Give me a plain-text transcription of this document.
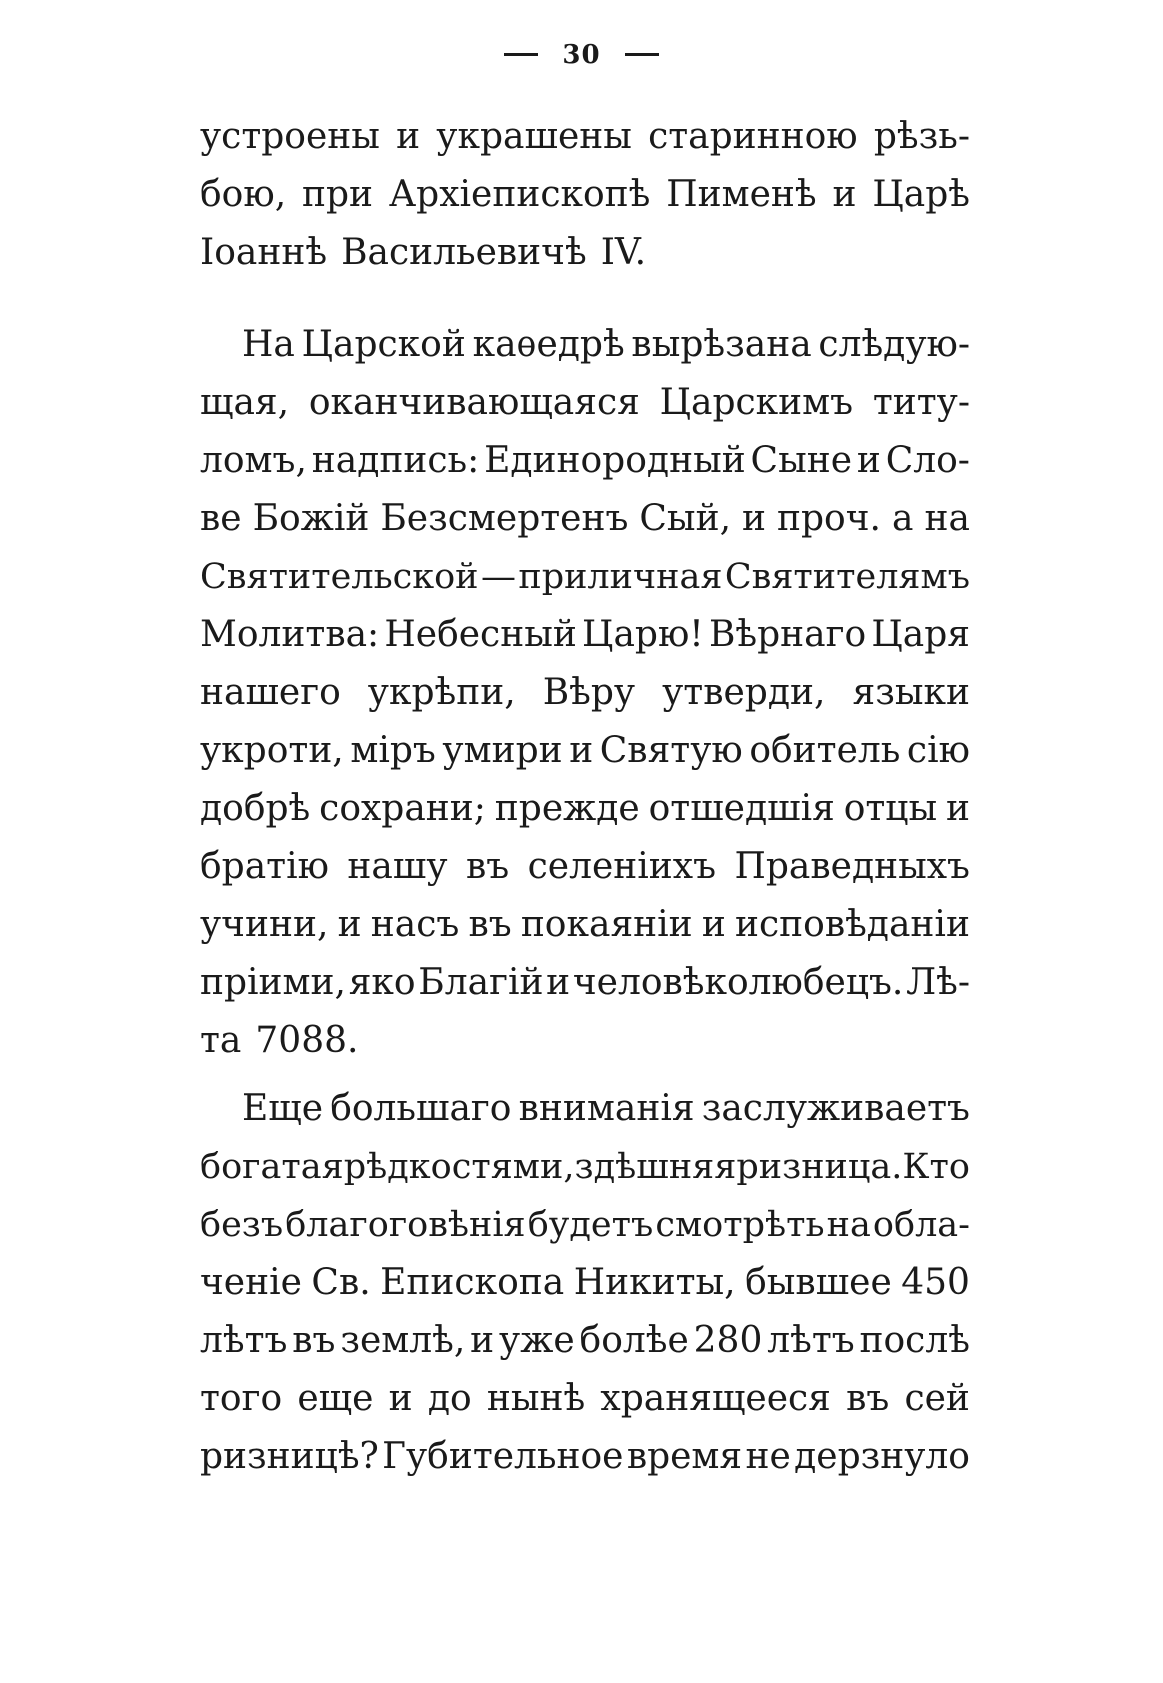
30
устроены и украшены старинною рѣзь-
бою, при Архіепископѣ Пименѣ и Царѣ
Іоаннѣ Васильевичѣ IV.
На Царской каѳедрѣ вырѣзана слѣдую-
щая, оканчивающаяся Царскимъ титу-
ломъ, надпись: Единородный Сыне и Сло-
ве Божій Безсмертенъ Сый, и проч. а на
Святительской — приличная Святителямъ
Молитва: Небесный Царю! Вѣрнаго Царя
нашего укрѣпи, Вѣру утверди, языки
укроти, міръ умири и Святую обитель сію
добрѣ сохрани; прежде отшедшія отцы и
братію нашу въ селеніихъ Праведныхъ
учини, и насъ въ покаяніи и исповѣданіи
пріими, яко Благій и человѣколюбецъ. Лѣ-
та 7088.
Еще большаго вниманія заслуживаетъ
богатая рѣдкостями, здѣшняя ризница. Кто
безъ благоговѣнія будетъ смотрѣть на обла-
ченіе Св. Епископа Никиты, бывшее 450
лѣтъ въ землѣ, и уже болѣе 280 лѣтъ послѣ
того еще и до нынѣ хранящееся въ сей
ризницѣ? Губительное время не дерзнуло
